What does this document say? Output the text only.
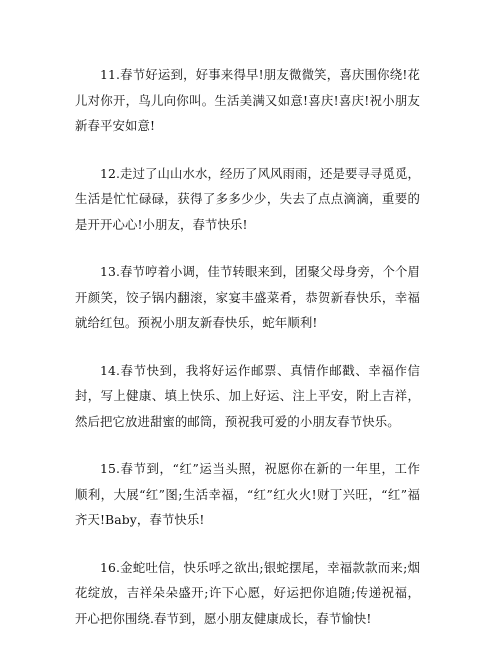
11.春节好运到，好事来得早!朋友微微笑，喜庆围你绕!花儿对你开，鸟儿向你叫。生活美满又如意!喜庆!喜庆!祝小朋友新春平安如意!

12.走过了山山水水，经历了风风雨雨，还是要寻寻觅觅，生活是忙忙碌碌，获得了多多少少，失去了点点滴滴，重要的是开开心心!小朋友，春节快乐!

13.春节哼着小调，佳节转眼来到，团聚父母身旁，个个眉开颜笑，饺子锅内翻滚，家宴丰盛菜肴，恭贺新春快乐，幸福就给红包。预祝小朋友新春快乐，蛇年顺利!

14.春节快到，我将好运作邮票、真情作邮戳、幸福作信封，写上健康、填上快乐、加上好运、注上平安，附上吉祥，然后把它放进甜蜜的邮筒，预祝我可爱的小朋友春节快乐。

15.春节到，“红”运当头照，祝愿你在新的一年里，工作顺利，大展“红”图;生活幸福，“红”红火火!财丁兴旺，“红”福齐天!Baby，春节快乐!

16.金蛇吐信，快乐呼之欲出;银蛇摆尾，幸福款款而来;烟花绽放，吉祥朵朵盛开;许下心愿，好运把你追随;传递祝福，开心把你围绕.春节到，愿小朋友健康成长，春节愉快!
